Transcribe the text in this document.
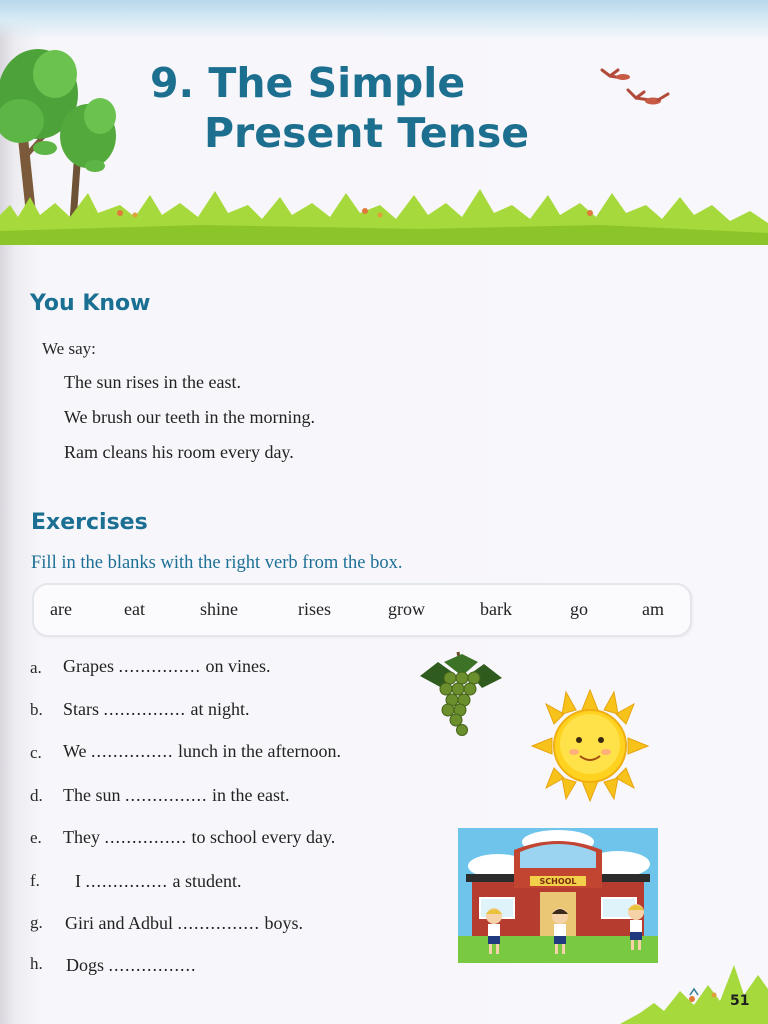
9. The Simple
Present Tense
You Know
We say:
The sun rises in the east.
We brush our teeth in the morning.
Ram cleans his room every day.
Exercises
Fill in the blanks with the right verb from the box.
are	eat	shine	rises	grow	bark	go	am
a. Grapes ............... on vines.
b. Stars ............... at night.
c. We ............... lunch in the afternoon.
d. The sun ............... in the east.
e. They ............... to school every day.
f. I ............... a student.
g. Giri and Adbul ............... boys.
h. Dogs ................
SCHOOL
51
